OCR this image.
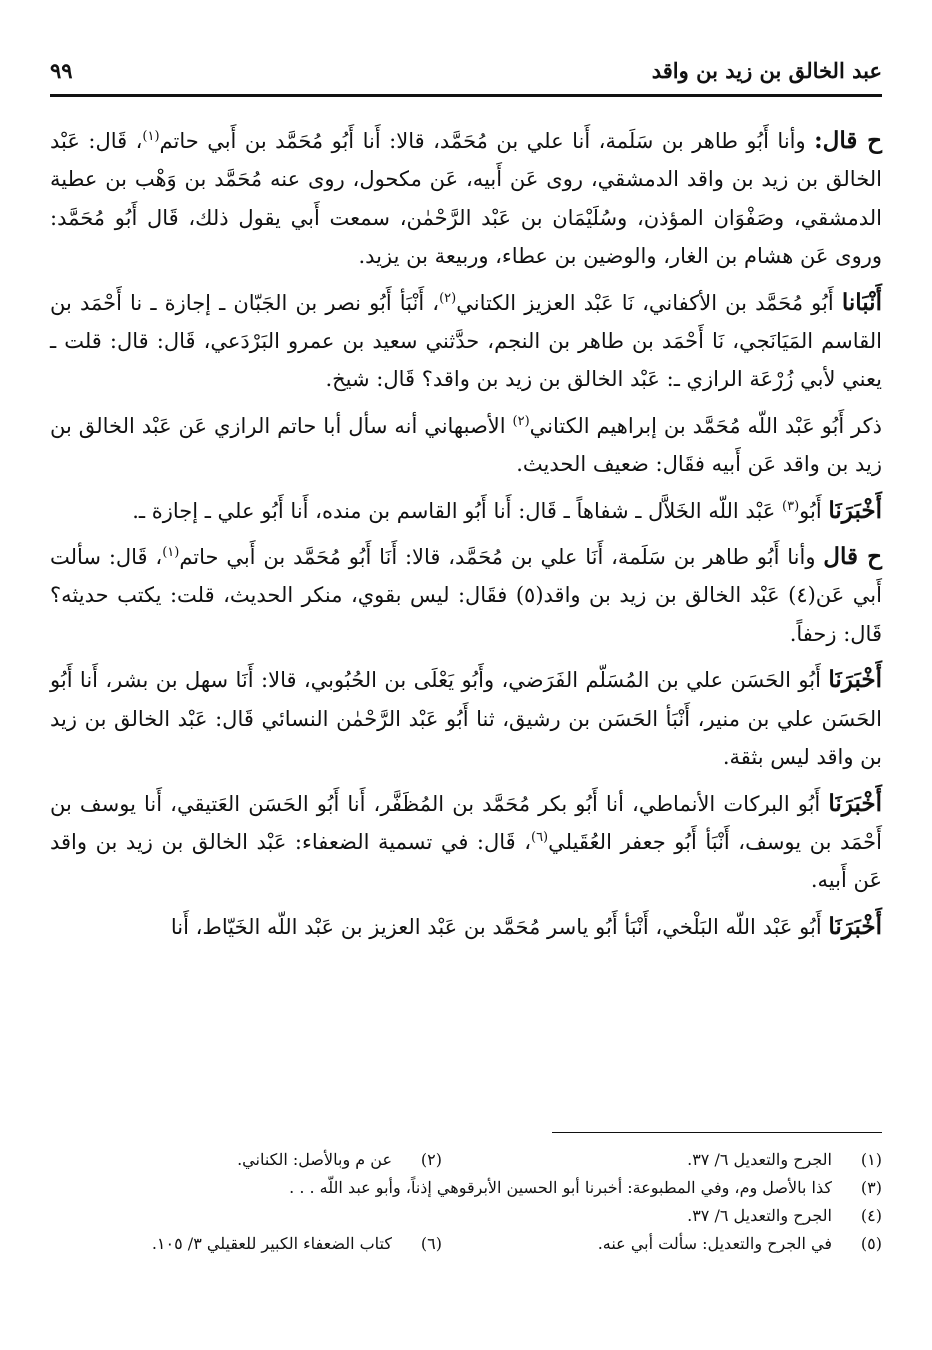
عبد الخالق بن زيد بن واقد
٩٩

ح قال: وأنا أَبُو طاهر بن سَلَمة، أَنا علي بن مُحَمَّد، قالا: أَنا أَبُو مُحَمَّد بن أَبي حاتم$^{(١)}$، قَال: عَبْد الخالق بن زيد بن واقد الدمشقي، روى عَن أَبيه، عَن مكحول، روى عنه مُحَمَّد بن وَهْب بن عطية الدمشقي، وصَفْوَان المؤذن، وسُلَيْمَان بن عَبْد الرَّحْمٰن، سمعت أَبي يقول ذلك، قَال أَبُو مُحَمَّد: وروى عَن هشام بن الغار، والوضين بن عطاء، وربيعة بن يزيد.

أَنْبَانا أَبُو مُحَمَّد بن الأكفاني، نَا عَبْد العزيز الكتاني$^{(٢)}$، أَنْبَأ أَبُو نصر بن الجَبّان ـ إجازة ـ نا أَحْمَد بن القاسم المَيَانَجي، نَا أَحْمَد بن طاهر بن النجم، حدَّثني سعيد بن عمرو البَرْدَعي، قَال: قال: قلت ـ يعني لأبي زُرْعَة الرازي ـ: عَبْد الخالق بن زيد بن واقد؟ قَال: شيخ.

ذكر أَبُو عَبْد اللّه مُحَمَّد بن إبراهيم الكتاني$^{(٢)}$ الأصبهاني أنه سأل أبا حاتم الرازي عَن عَبْد الخالق بن زيد بن واقد عَن أَبيه فقَال: ضعيف الحديث.

أَخْبَرَنَا أَبُو$^{(٣)}$ عَبْد اللّه الخَلاَّل ـ شفاهاً ـ قَال: أَنا أَبُو القاسم بن منده، أَنا أَبُو علي ـ إجازة ـ.

ح قال وأنا أَبُو طاهر بن سَلَمة، أَنَا علي بن مُحَمَّد، قالا: أَنَا أَبُو مُحَمَّد بن أَبي حاتم$^{(١)}$، قَال: سألت أَبي عَن(٤) عَبْد الخالق بن زيد بن واقد(٥) فقَال: ليس بقوي، منكر الحديث، قلت: يكتب حديثه؟ قَال: زحفاً.

أَخْبَرَنَا أَبُو الحَسَن علي بن المُسَلّم الفَرَضي، وأَبُو يَعْلَى بن الحُبُوبي، قالا: أَنَا سهل بن بشر، أَنا أَبُو الحَسَن علي بن منير، أَنْبَأ الحَسَن بن رشيق، ثنا أَبُو عَبْد الرَّحْمٰن النسائي قَال: عَبْد الخالق بن زيد بن واقد ليس بثقة.

أَخْبَرَنَا أَبُو البركات الأنماطي، أنا أَبُو بكر مُحَمَّد بن المُظَفَّر، أَنا أَبُو الحَسَن العَتيقي، أَنا يوسف بن أَحْمَد بن يوسف، أَنْبَأ أَبُو جعفر العُقَيلي$^{(٦)}$، قَال: في تسمية الضعفاء: عَبْد الخالق بن زيد بن واقد عَن أَبيه.

أَخْبَرَنَا أَبُو عَبْد اللّه البَلْخي، أَنْبَأ أَبُو ياسر مُحَمَّد بن عَبْد العزيز بن عَبْد اللّه الخَيّاط، أَنا

(١)
الجرح والتعديل ٦/ ٣٧.
(٢)
عن م وبالأصل: الكناني.
(٣)
كذا بالأصل وم، وفي المطبوعة: أخبرنا أبو الحسين الأبرقوهي إذناً، وأبو عبد اللّه . . .
(٤)
الجرح والتعديل ٦/ ٣٧.
(٥)
في الجرح والتعديل: سألت أبي عنه.
(٦)
كتاب الضعفاء الكبير للعقيلي ٣/ ١٠٥.
